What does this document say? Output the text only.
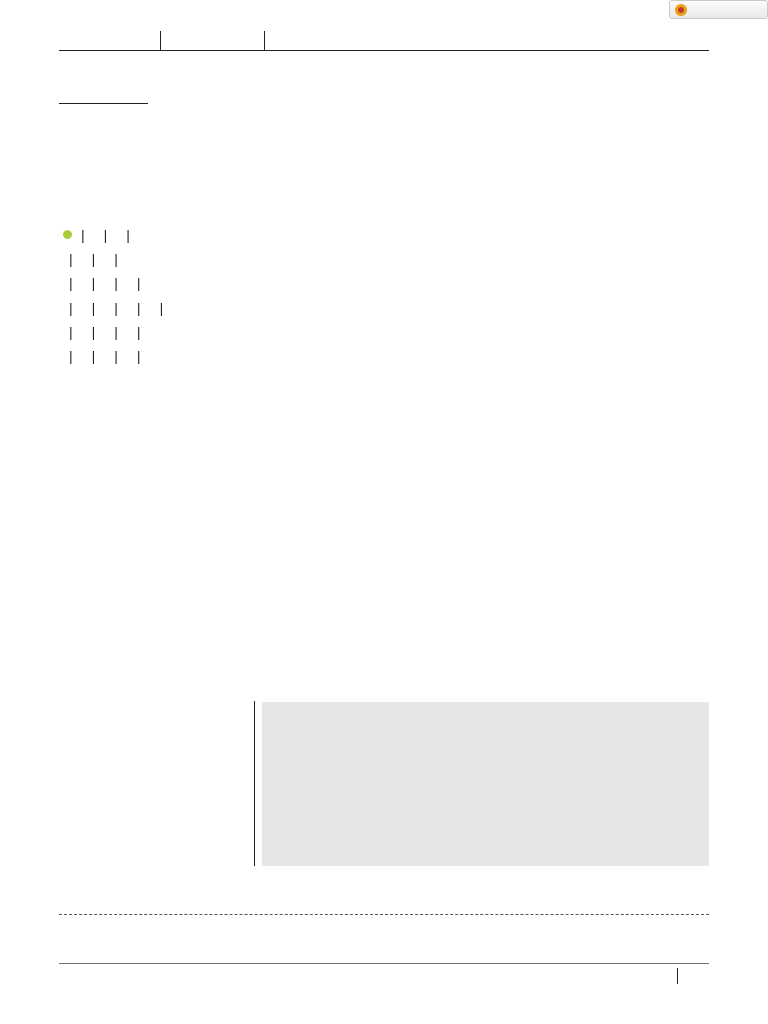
| | |
| | |
| | | |
| | | | |
| | | |
| | | |
